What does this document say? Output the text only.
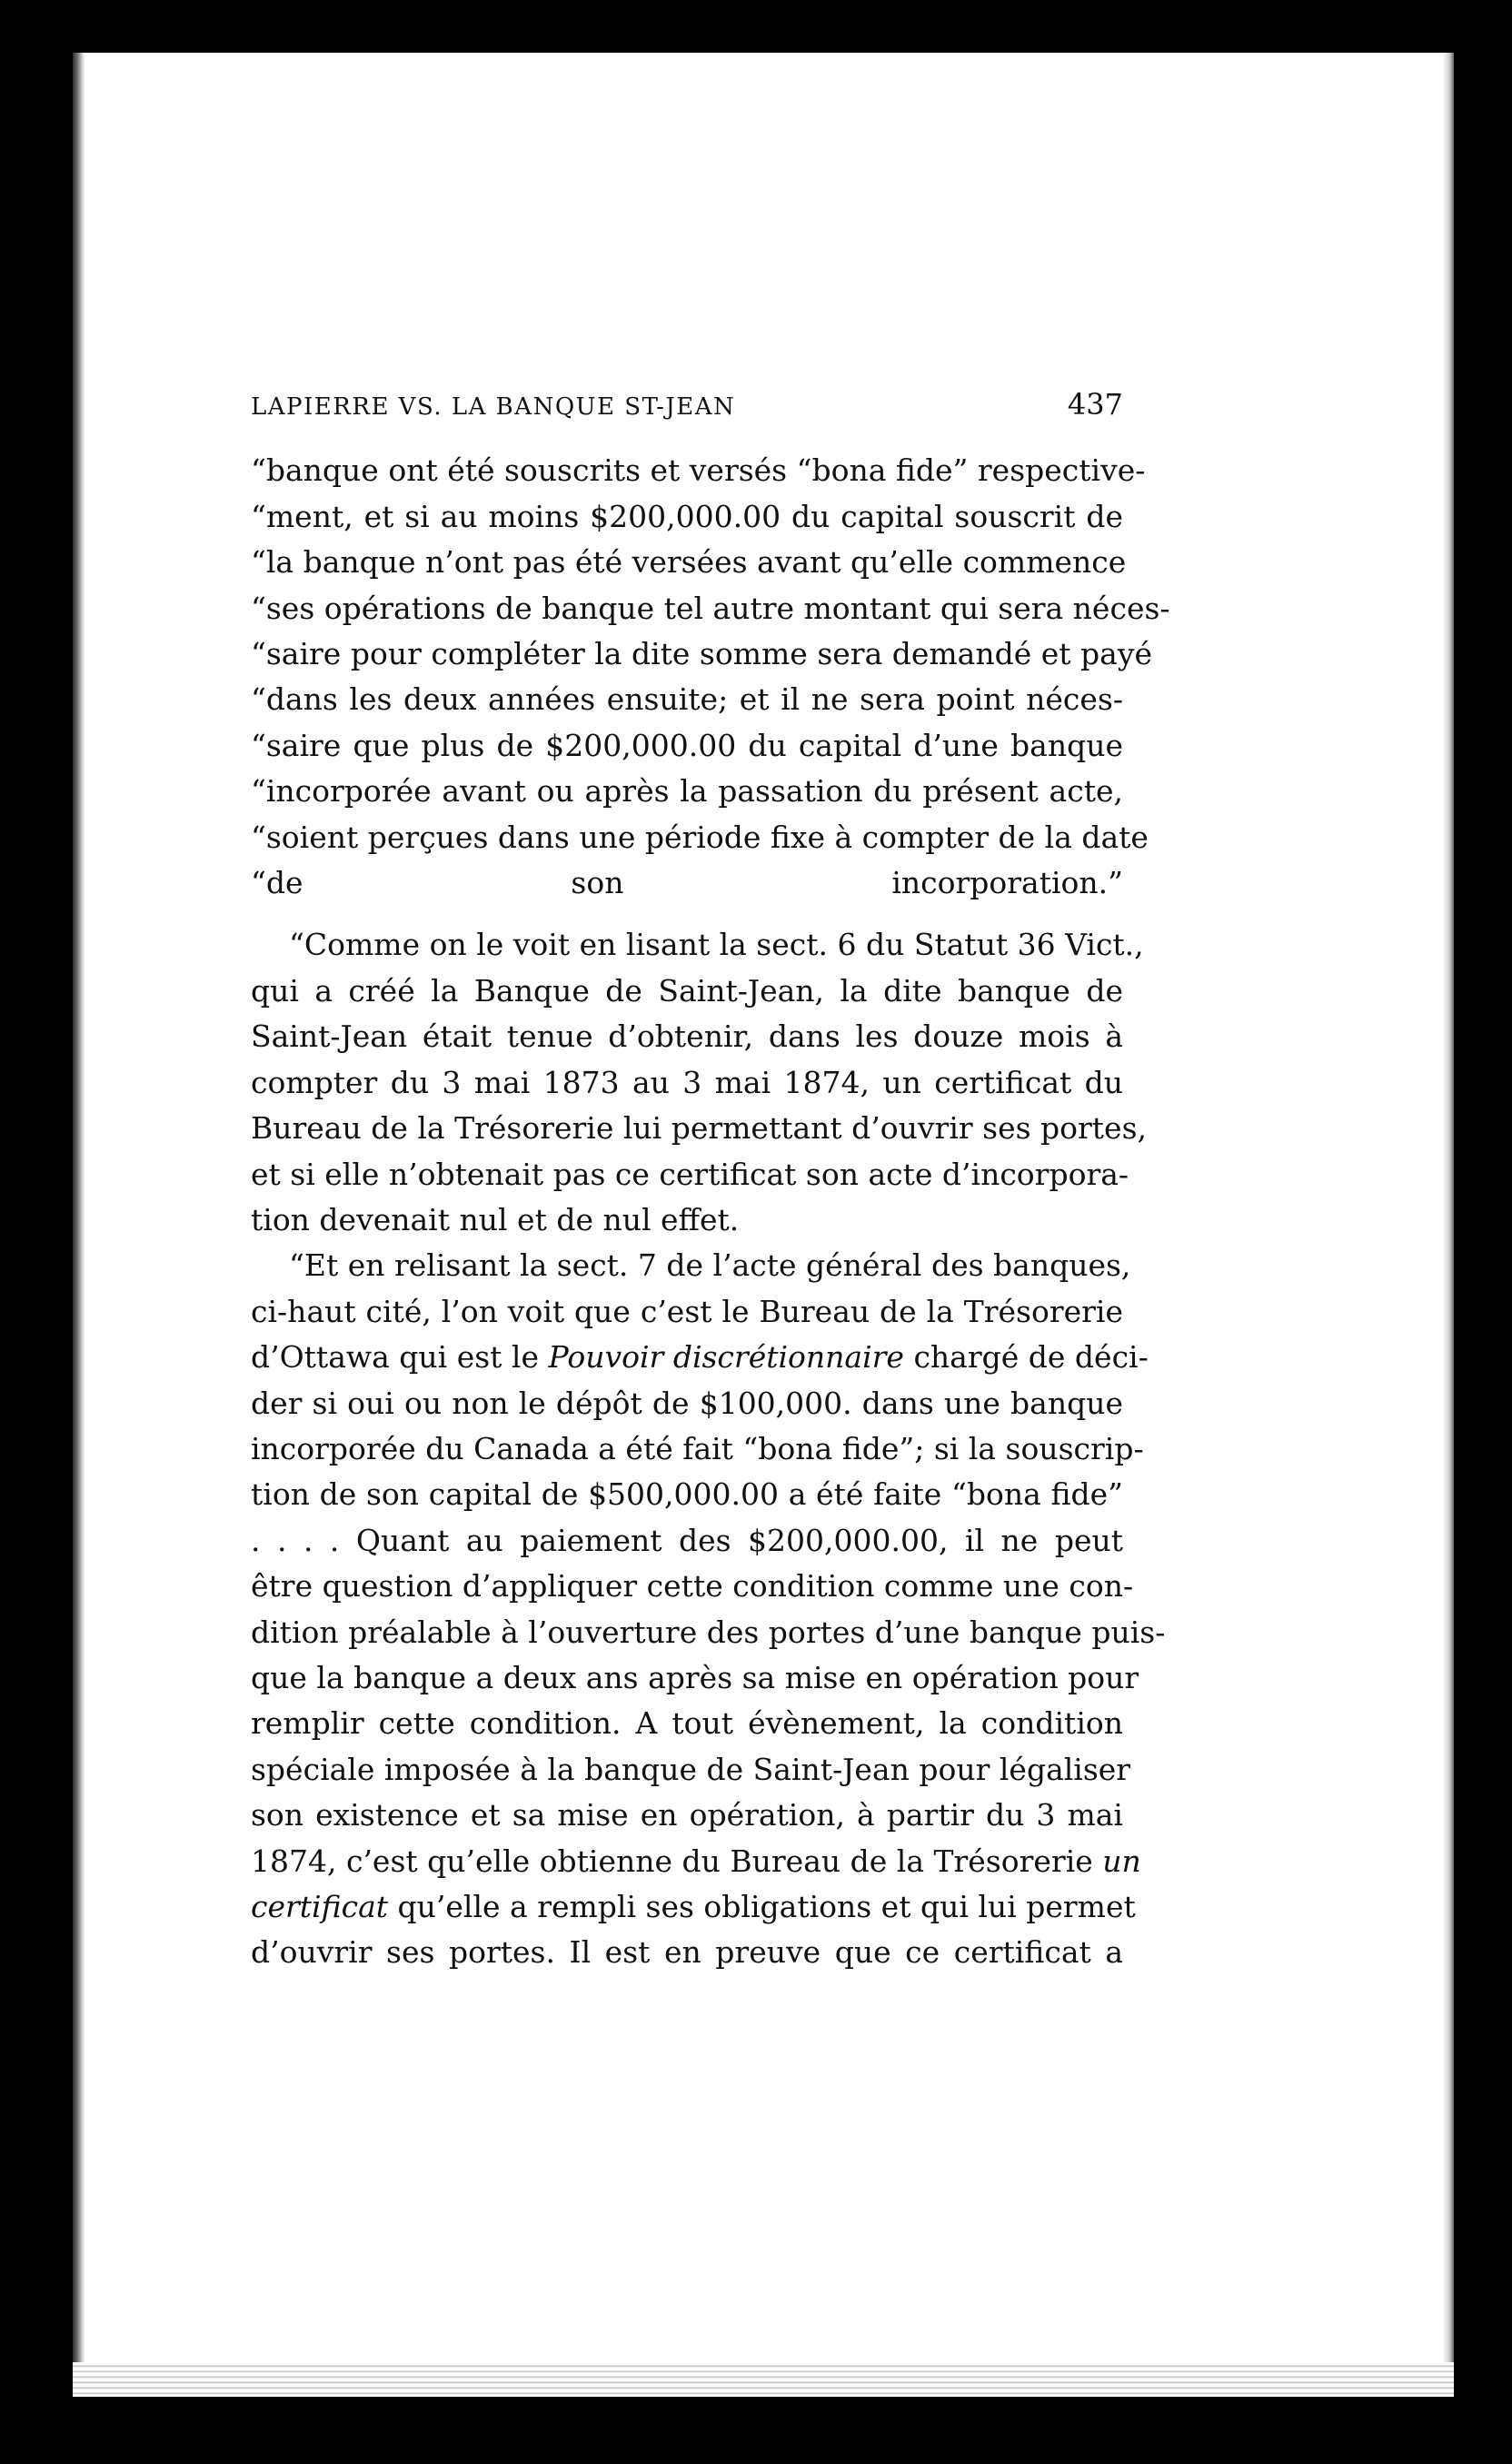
LAPIERRE VS. LA BANQUE ST-JEAN	437

“banque ont été souscrits et versés “bona fide” respective-
“ment, et si au moins $200,000.00 du capital souscrit de
“la banque n’ont pas été versées avant qu’elle commence
“ses opérations de banque tel autre montant qui sera néces-
“saire pour compléter la dite somme sera demandé et payé
“dans les deux années ensuite; et il ne sera point néces-
“saire que plus de $200,000.00 du capital d’une banque
“incorporée avant ou après la passation du présent acte,
“soient perçues dans une période fixe à compter de la date
“de son incorporation.”

“Comme on le voit en lisant la sect. 6 du Statut 36 Vict.,
qui a créé la Banque de Saint-Jean, la dite banque de
Saint-Jean était tenue d’obtenir, dans les douze mois à
compter du 3 mai 1873 au 3 mai 1874, un certificat du
Bureau de la Trésorerie lui permettant d’ouvrir ses portes,
et si elle n’obtenait pas ce certificat son acte d’incorpora-
tion devenait nul et de nul effet.

“Et en relisant la sect. 7 de l’acte général des banques,
ci-haut cité, l’on voit que c’est le Bureau de la Trésorerie
d’Ottawa qui est le Pouvoir discrétionnaire chargé de déci-
der si oui ou non le dépôt de $100,000. dans une banque
incorporée du Canada a été fait “bona fide”; si la souscrip-
tion de son capital de $500,000.00 a été faite “bona fide”
. . . . Quant au paiement des $200,000.00, il ne peut
être question d’appliquer cette condition comme une con-
dition préalable à l’ouverture des portes d’une banque puis-
que la banque a deux ans après sa mise en opération pour
remplir cette condition. A tout évènement, la condition
spéciale imposée à la banque de Saint-Jean pour légaliser
son existence et sa mise en opération, à partir du 3 mai
1874, c’est qu’elle obtienne du Bureau de la Trésorerie un
certificat qu’elle a rempli ses obligations et qui lui permet
d’ouvrir ses portes. Il est en preuve que ce certificat a
